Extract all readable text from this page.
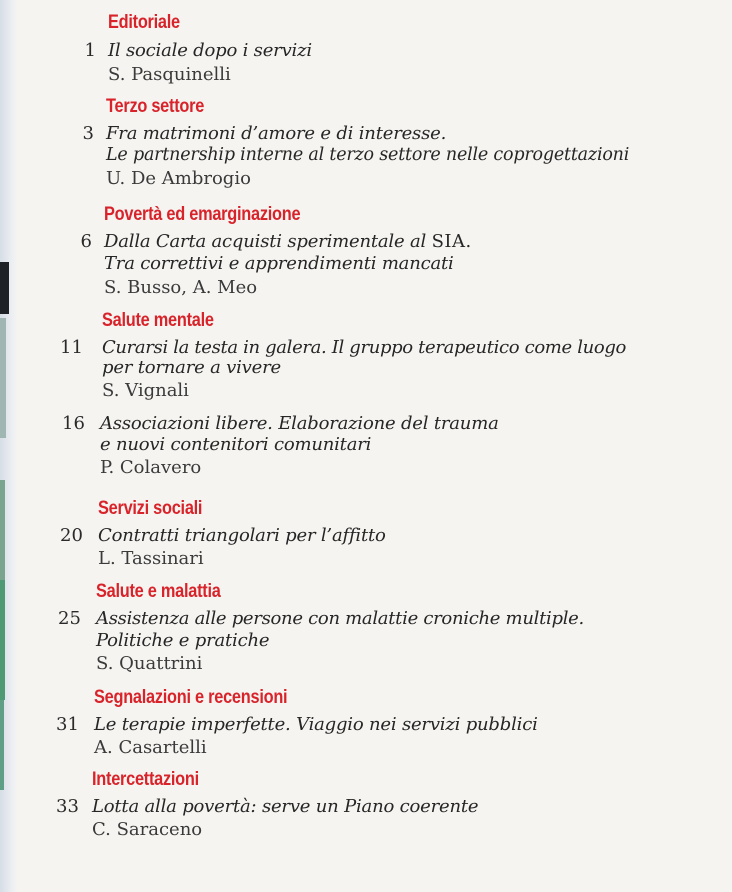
Editoriale
1 Il sociale dopo i servizi
S. Pasquinelli
Terzo settore
3 Fra matrimoni d’amore e di interesse.
Le partnership interne al terzo settore nelle coprogettazioni
U. De Ambrogio
Povertà ed emarginazione
6 Dalla Carta acquisti sperimentale al SIA.
Tra correttivi e apprendimenti mancati
S. Busso, A. Meo
Salute mentale
11	Curarsi la testa in galera. Il gruppo terapeutico come luogo
per tornare a vivere
S. Vignali
16 Associazioni libere. Elaborazione del trauma
e nuovi contenitori comunitari
P. Colavero
Servizi sociali
20 Contratti triangolari per l’affitto
L. Tassinari
Salute e malattia
25 Assistenza alle persone con malattie croniche multiple.
Politiche e pratiche
S. Quattrini
Segnalazioni e recensioni
31 Le terapie imperfette. Viaggio nei servizi pubblici
A. Casartelli
Intercettazioni
33 Lotta alla povertà: serve un Piano coerente
C. Saraceno
